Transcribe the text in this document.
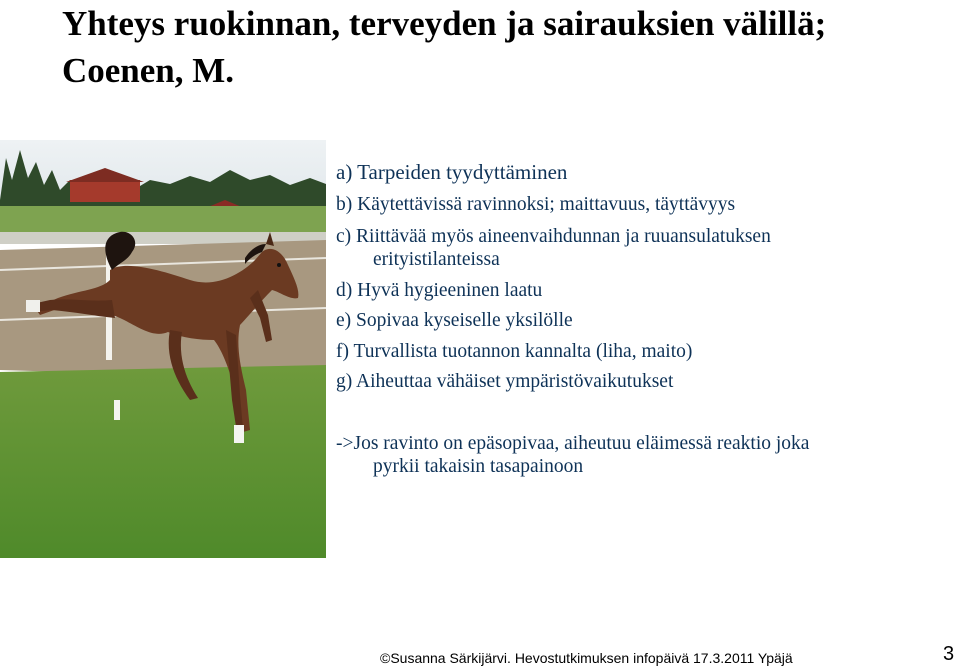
Yhteys ruokinnan, terveyden ja sairauksien välillä;
Coenen, M.
a) Tarpeiden tyydyttäminen
b) Käytettävissä ravinnoksi; maittavuus, täyttävyys
c) Riittävää myös aineenvaihdunnan ja ruuansulatuksen
erityistilanteissa
d) Hyvä hygieeninen laatu
e) Sopivaa kyseiselle yksilölle
f) Turvallista tuotannon kannalta (liha, maito)
g) Aiheuttaa vähäiset ympäristövaikutukset
->Jos ravinto on epäsopivaa, aiheutuu eläimessä reaktio joka
pyrkii takaisin tasapainoon
©Susanna Särkijärvi. Hevostutkimuksen infopäivä 17.3.2011 Ypäjä	3
